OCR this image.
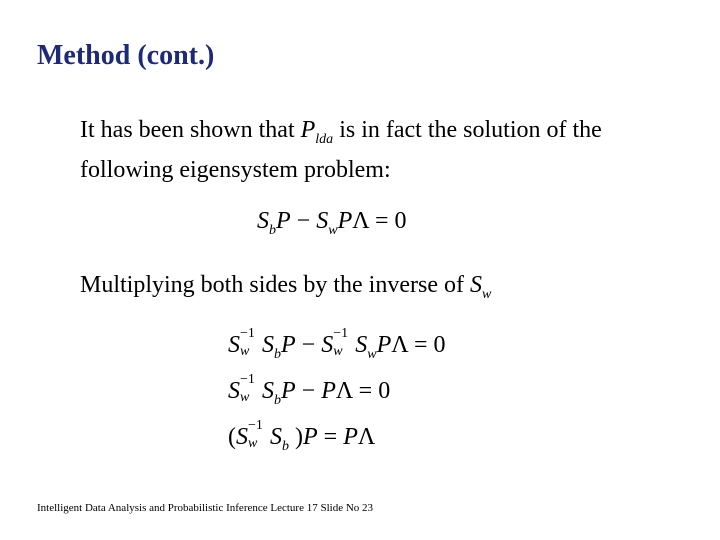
Method (cont.)
It has been shown that $P_{lda}$ is in fact the solution of the following eigensystem problem:
$S_bP - S_wP\Lambda = 0$
Multiplying both sides by the inverse of $S_w$
S −1
w $S_bP - S -1$
w $S_wP\Lambda = 0$
S −1
w $S_bP - P\Lambda = 0$
(S −1
w $S_b$ )P = PΛ
Intelligent Data Analysis and Probabilistic Inference Lecture 17 Slide No 23
